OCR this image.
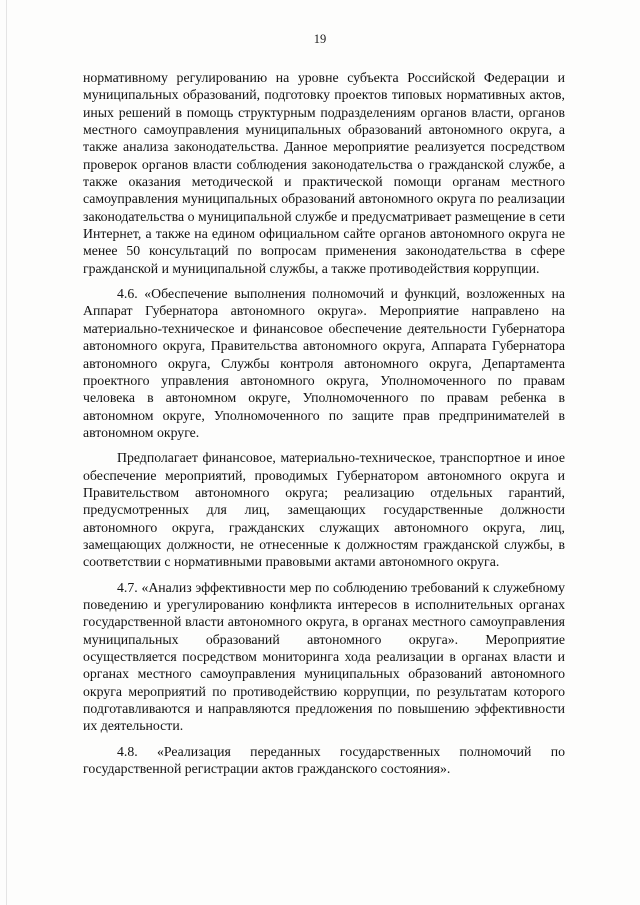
19

нормативному регулированию на уровне субъекта Российской Федерации и муниципальных образований, подготовку проектов типовых нормативных актов, иных решений в помощь структурным подразделениям органов власти, органов местного самоуправления муниципальных образований автономного округа, а также анализа законодательства. Данное мероприятие реализуется посредством проверок органов власти соблюдения законодательства о гражданской службе, а также оказания методической и практической помощи органам местного самоуправления муниципальных образований автономного округа по реализации законодательства о муниципальной службе и предусматривает размещение в сети Интернет, а также на едином официальном сайте органов автономного округа не менее 50 консультаций по вопросам применения законодательства в сфере гражданской и муниципальной службы, а также противодействия коррупции.

4.6. «Обеспечение выполнения полномочий и функций, возложенных на Аппарат Губернатора автономного округа». Мероприятие направлено на материально-техническое и финансовое обеспечение деятельности Губернатора автономного округа, Правительства автономного округа, Аппарата Губернатора автономного округа, Службы контроля автономного округа, Департамента проектного управления автономного округа, Уполномоченного по правам человека в автономном округе, Уполномоченного по правам ребенка в автономном округе, Уполномоченного по защите прав предпринимателей в автономном округе.

Предполагает финансовое, материально-техническое, транспортное и иное обеспечение мероприятий, проводимых Губернатором автономного округа и Правительством автономного округа; реализацию отдельных гарантий, предусмотренных для лиц, замещающих государственные должности автономного округа, гражданских служащих автономного округа, лиц, замещающих должности, не отнесенные к должностям гражданской службы, в соответствии с нормативными правовыми актами автономного округа.

4.7. «Анализ эффективности мер по соблюдению требований к служебному поведению и урегулированию конфликта интересов в исполнительных органах государственной власти автономного округа, в органах местного самоуправления муниципальных образований автономного округа». Мероприятие осуществляется посредством мониторинга хода реализации в органах власти и органах местного самоуправления муниципальных образований автономного округа мероприятий по противодействию коррупции, по результатам которого подготавливаются и направляются предложения по повышению эффективности их деятельности.

4.8. «Реализация переданных государственных полномочий по государственной регистрации актов гражданского состояния».
